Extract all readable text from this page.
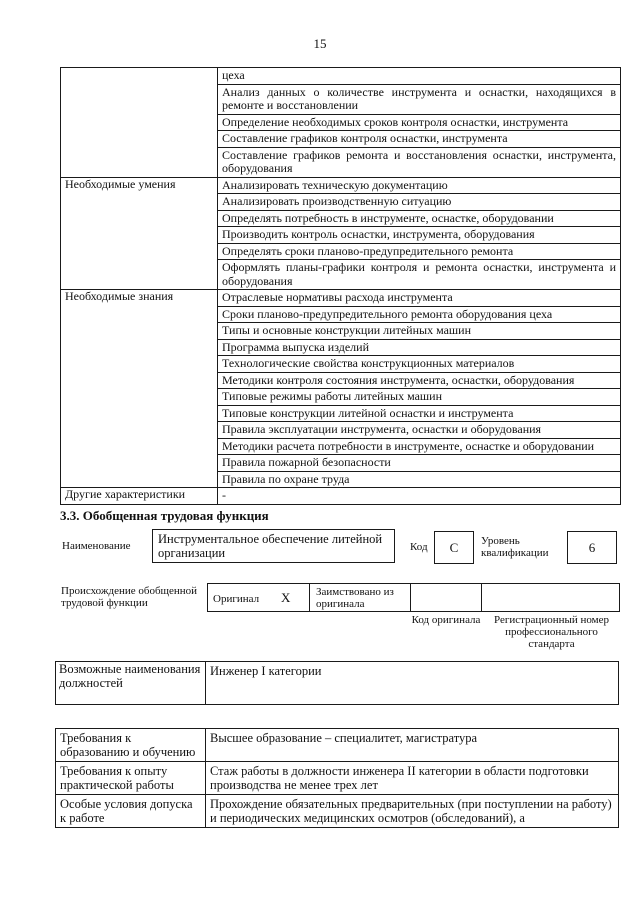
15
	цеха
	Анализ данных о количестве инструмента и оснастки, находящихся в ремонте и восстановлении
	Определение необходимых сроков контроля оснастки, инструмента
	Составление графиков контроля оснастки, инструмента
	Составление графиков ремонта и восстановления оснастки, инструмента, оборудования
Необходимые умения	Анализировать техническую документацию
	Анализировать производственную ситуацию
	Определять потребность в инструменте, оснастке, оборудовании
	Производить контроль оснастки, инструмента, оборудования
	Определять сроки планово-предупредительного ремонта
	Оформлять планы-графики контроля и ремонта оснастки, инструмента и оборудования
Необходимые знания	Отраслевые нормативы расхода инструмента
	Сроки планово-предупредительного ремонта оборудования цеха
	Типы и основные конструкции литейных машин
	Программа выпуска изделий
	Технологические свойства конструкционных материалов
	Методики контроля состояния инструмента, оснастки, оборудования
	Типовые режимы работы литейных машин
	Типовые конструкции литейной оснастки и инструмента
	Правила эксплуатации инструмента, оснастки и оборудования
	Методики расчета потребности в инструменте, оснастке и оборудовании
	Правила пожарной безопасности
	Правила по охране труда
Другие характеристики	-
3.3. Обобщенная трудовая функция
Наименование	Инструментальное обеспечение литейной организации	Код	C	Уровень квалификации	6
Происхождение обобщенной трудовой функции	Оригинал X	Заимствовано из оригинала
Код оригинала	Регистрационный номер профессионального стандарта
Возможные наименования должностей	Инженер I категории
Требования к образованию и обучению	Высшее образование – специалитет, магистратура
Требования к опыту практической работы	Стаж работы в должности инженера II категории в области подготовки производства не менее трех лет
Особые условия допуска к работе	Прохождение обязательных предварительных (при поступлении на работу) и периодических медицинских осмотров (обследований), а
